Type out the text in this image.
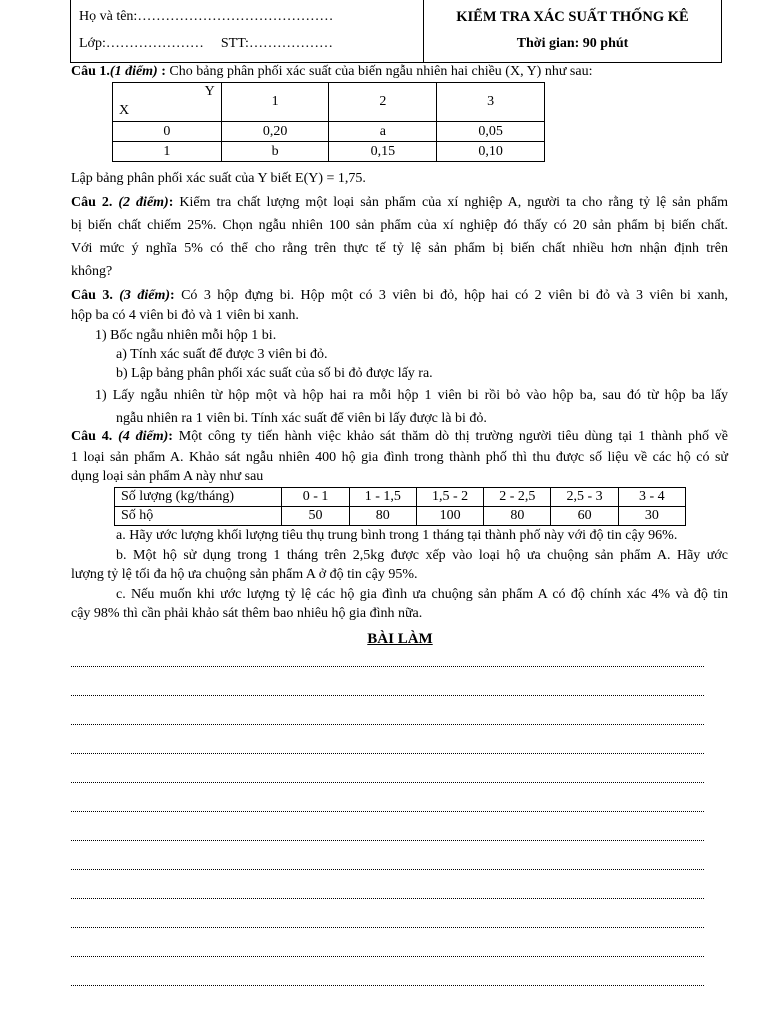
Họ và tên:……………………………………
Lớp:………………… STT:………………
KIỂM TRA XÁC SUẤT THỐNG KÊ
Thời gian: 90 phút
Câu 1.(1 điểm) : Cho bảng phân phối xác suất của biến ngẫu nhiên hai chiều (X, Y) như sau:
Y
X	1	2	3
0	0,20	a	0,05
1	b	0,15	0,10
Lập bảng phân phối xác suất của Y biết E(Y) = 1,75.
Câu 2. (2 điểm): Kiểm tra chất lượng một loại sản phẩm của xí nghiệp A, người ta cho rằng tỷ lệ sản phẩm
bị biến chất chiếm 25%. Chọn ngẫu nhiên 100 sản phẩm của xí nghiệp đó thấy có 20 sản phẩm bị biến chất.
Với mức ý nghĩa 5% có thể cho rằng trên thực tế tỷ lệ sản phẩm bị biến chất nhiều hơn nhận định trên
không?
Câu 3. (3 điểm): Có 3 hộp đựng bi. Hộp một có 3 viên bi đỏ, hộp hai có 2 viên bi đỏ và 3 viên bi xanh,
hộp ba có 4 viên bi đỏ và 1 viên bi xanh.
1) Bốc ngẫu nhiên mỗi hộp 1 bi.
a) Tính xác suất để được 3 viên bi đỏ.
b) Lập bảng phân phối xác suất của số bi đỏ được lấy ra.
1) Lấy ngẫu nhiên từ hộp một và hộp hai ra mỗi hộp 1 viên bi rồi bỏ vào hộp ba, sau đó từ hộp ba lấy
ngẫu nhiên ra 1 viên bi. Tính xác suất để viên bi lấy được là bi đỏ.
Câu 4. (4 điểm): Một công ty tiến hành việc khảo sát thăm dò thị trường người tiêu dùng tại 1 thành phố về
1 loại sản phẩm A. Khảo sát ngẫu nhiên 400 hộ gia đình trong thành phố thì thu được số liệu về các hộ có sử
dụng loại sản phẩm A này như sau
Số lượng (kg/tháng)	0 - 1	1 - 1,5	1,5 - 2	2 - 2,5	2,5 - 3	3 - 4
Số hộ	50	80	100	80	60	30
a. Hãy ước lượng khối lượng tiêu thụ trung bình trong 1 tháng tại thành phố này với độ tin cậy 96%.
b. Một hộ sử dụng trong 1 tháng trên 2,5kg được xếp vào loại hộ ưa chuộng sản phẩm A. Hãy ước
lượng tỷ lệ tối đa hộ ưa chuộng sản phẩm A ở độ tin cậy 95%.
c. Nếu muốn khi ước lượng tỷ lệ các hộ gia đình ưa chuộng sản phẩm A có độ chính xác 4% và độ tin
cậy 98% thì cần phải khảo sát thêm bao nhiêu hộ gia đình nữa.
BÀI LÀM
